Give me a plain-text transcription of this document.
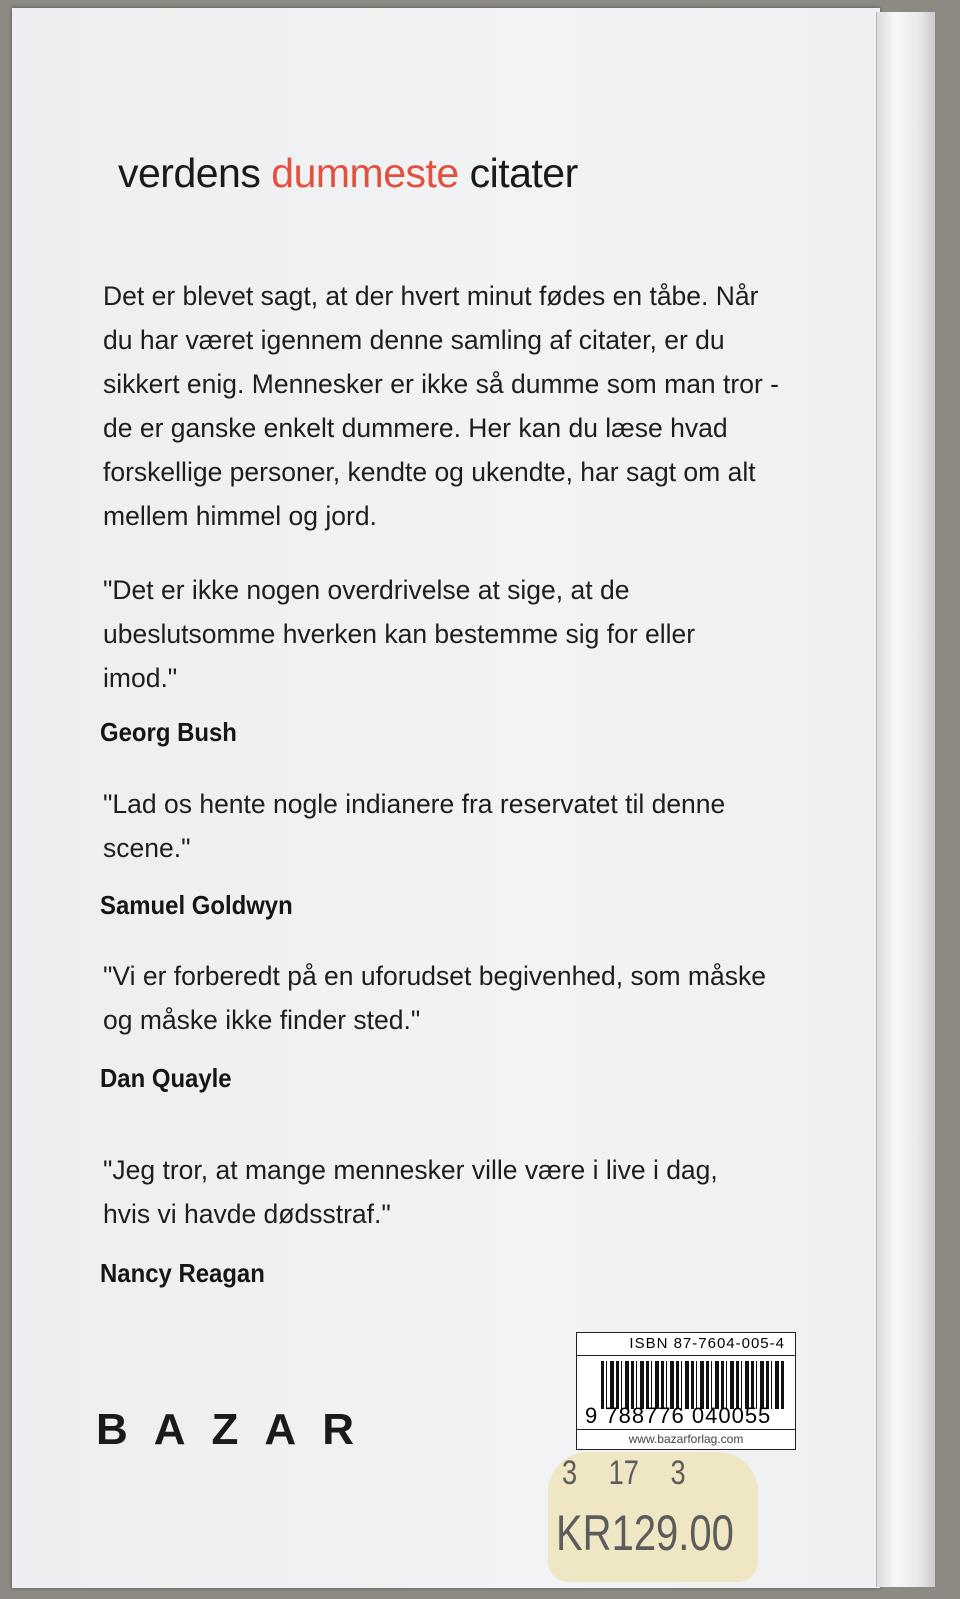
verdens dummeste citater
Det er blevet sagt, at der hvert minut fødes en tåbe. Når du har været igennem denne samling af citater, er du sikkert enig. Mennesker er ikke så dumme som man tror - de er ganske enkelt dummere. Her kan du læse hvad forskellige personer, kendte og ukendte, har sagt om alt mellem himmel og jord.
"Det er ikke nogen overdrivelse at sige, at de ubeslutsomme hverken kan bestemme sig for eller imod."
Georg Bush
"Lad os hente nogle indianere fra reservatet til denne scene."
Samuel Goldwyn
"Vi er forberedt på en uforudset begivenhed, som måske og måske ikke finder sted."
Dan Quayle
"Jeg tror, at mange mennesker ville være i live i dag, hvis vi havde dødsstraf."
Nancy Reagan
BAZAR
ISBN 87-7604-005-4
9 788776 040055
www.bazarforlag.com
3 17 3
KR129.00
